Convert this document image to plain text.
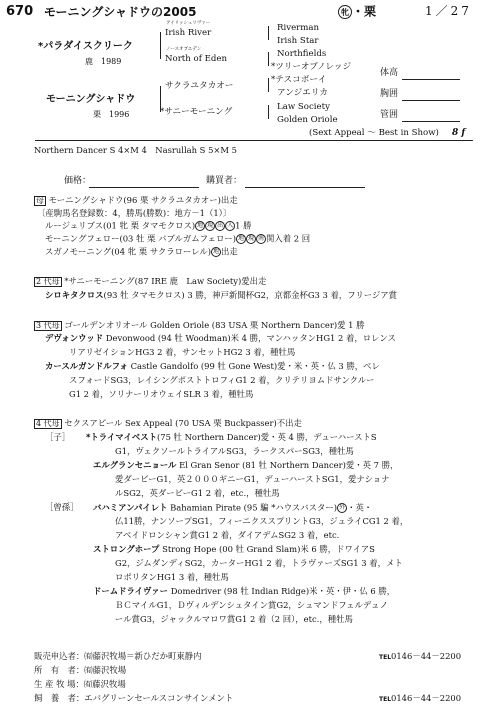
670 モーニングシャドウの2005	牝 ・栗	1／27
アイリッシュリヴァー
Irish River
*パラダイスクリーク
鹿　1989
ノースオブエデン
North of Eden
Riverman
Irish Star
Northfields
*ツリーオブノレッジ
モーニングシャドウ
栗　1996
サクラユタカオー
*サニーモーニング
*テスコボーイ
アンジエリカ
Law Society
Golden Oriole
体高
胸囲
管囲
(Sext Appeal ～ Best in Show) 8 f
Northern Dancer S 4×M 4　Nasrullah S 5×M 5
価格：	購買者：
母 モーニングシャドウ(96 栗 サクラユタカオー)出走
〔産駒馬名登録数：4，勝馬(勝数)：地方－1（1）〕
ルージュリブス(01 牝 栗 タマモクロス) 地 現 出 入 1 勝
モーニングフェロー(03 牡 栗 バブルガムフェロー) 地 現 南 関入着 2 回
スガノモーニング(04 牝 栗 サクラローレル) 地 出走
2 代母 *サニーモーニング(87 IRE 鹿　Law Society)愛出走
シロキタクロス(93 牡 タマモクロス) 3 勝，神戸新聞杯G2，京都金杯G3 3 着，フリージア賞
3 代母 ゴールデンオリオール Golden Oriole (83 USA 栗 Northern Dancer)愛 1 勝
デヴォンウッド Devonwood (94 牡 Woodman)米 4 勝，マンハッタンHG1 2 着，ロレンス
リアリゼイションHG3 2 着，サンセットHG2 3 着，種牡馬
カースルガンドルフォ Castle Gandolfo (99 牡 Gone West)愛・米・英・仏 3 勝，ベレ
スフォードSG3，レイシングポストトロフィG1 2 着，クリテリヨムドサンクルー
G1 2 着，ソリナーリオウェイSLR 3 着，種牡馬
4 代母 セクスアピール Sex Appeal (70 USA 栗 Buckpasser)不出走
［子］ *トライマイベスト(75 牡 Northern Dancer)愛・英 4 勝，デューハーストS
G1，ヴェクソールトライアルSG3，ラークスパーSG3，種牡馬
エルグランセニョール El Gran Senor (81 牡 Northern Dancer)愛・英 7 勝，
愛ダービーG1，英２０００ギニーG1，デューハーストSG1，愛ナショナ
ルSG2，英ダービーG1 2 着，etc.，種牡馬
［曾孫］ バハミアンパイレト Bahamian Pirate (95 騙 *ハウスバスター) 外 ・英・
仏11勝，ナンソープSG1，フィーニクススプリントG3，ジュライCG1 2 着，
アベイドロンシャン賞G1 2 着，ダイアデムSG2 3 着，etc.
ストロングホープ Strong Hope (00 牡 Grand Slam)米 6 勝，ドワイアS
G2，ジムダンディSG2，カーターHG1 2 着，トラヴァーズSG1 3 着，メト
ロポリタンHG1 3 着，種牡馬
ドームドライヴァー Domedriver (98 牡 Indian Ridge)米・英・伊・仏 6 勝，
ＢＣマイルG1，Ｄヴィルデンシュタイン賞G2，シュマンドフェルデュノ
ール賞G3，ジャックルマロワ賞G1 2 着（2 回），etc.，種牡馬
販売申込者：㈲藤沢牧場＝新ひだか町東静内	TEL0146－44－2200
所　有　者：㈲藤沢牧場
生 産 牧 場：㈲藤沢牧場
飼　養　者：エバグリーンセールスコンサインメント	TEL0146－44－2200
